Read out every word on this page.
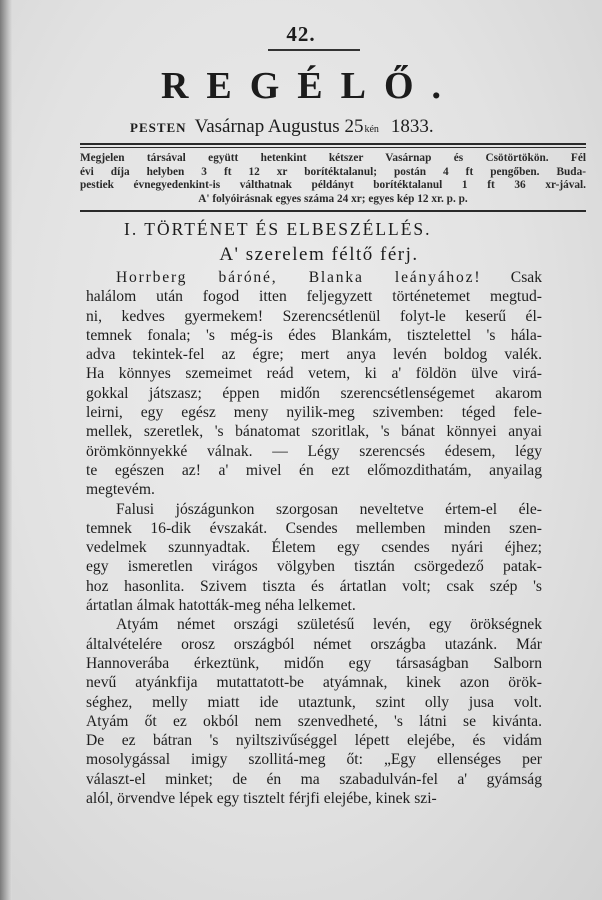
42.
REGÉLŐ.
PESTEN Vasárnap Augustus 25 kén 1833.
Megjelen társával együtt hetenkint kétszer Vasárnap és Csötörtökön. Fél
évi díja helyben 3 ft 12 xr borítéktalanul; postán 4 ft pengőben. Buda-
pestiek évnegyedenkint-is válthatnak példányt borítéktalanul 1 ft 36 xr-jával.
A' folyóirásnak egyes száma 24 xr; egyes kép 12 xr. p. p.
I. TÖRTÉNET ÉS ELBESZÉLLÉS.
A' szerelem féltő férj.

Horrberg báróné, Blanka leányához! Csak

halálom után fogod itten feljegyzett történetemet megtud-

ni, kedves gyermekem! Szerencsétlenül folyt-le keserű él-

temnek fonala; 's még-is édes Blankám, tisztelettel 's hála-

adva tekintek-fel az égre; mert anya levén boldog valék.

Ha könnyes szemeimet reád vetem, ki a' földön ülve virá-

gokkal játszasz; éppen midőn szerencsétlenségemet akarom

leirni, egy egész meny nyilik-meg szivemben: téged fele-

mellek, szeretlek, 's bánatomat szoritlak, 's bánat könnyei anyai

örömkönnyekké válnak. — Légy szerencsés édesem, légy

te egészen az! a' mivel én ezt előmozdithatám, anyailag

megtevém.

Falusi jószágunkon szorgosan neveltetve értem-el éle-

temnek 16-dik évszakát. Csendes mellemben minden szen-

vedelmek szunnyadtak. Életem egy csendes nyári éjhez;

egy ismeretlen virágos völgyben tisztán csörgedező patak-

hoz hasonlita. Szivem tiszta és ártatlan volt; csak szép 's

ártatlan álmak hatották-meg néha lelkemet.

Atyám német országi születésű levén, egy örökségnek

általvételére orosz országból német országba utazánk. Már

Hannoverába érkeztünk, midőn egy társaságban Salborn

nevű atyánkfija mutattatott-be atyámnak, kinek azon örök-

séghez, melly miatt ide utaztunk, szint olly jusa volt.

Atyám őt ez okból nem szenvedheté, 's látni se kivánta.

De ez bátran 's nyiltszivűséggel lépett elejébe, és vidám

mosolygással imigy szollitá-meg őt: „Egy ellenséges per

választ-el minket; de én ma szabadulván-fel a' gyámság

alól, örvendve lépek egy tisztelt férjfi elejébe, kinek szi-
